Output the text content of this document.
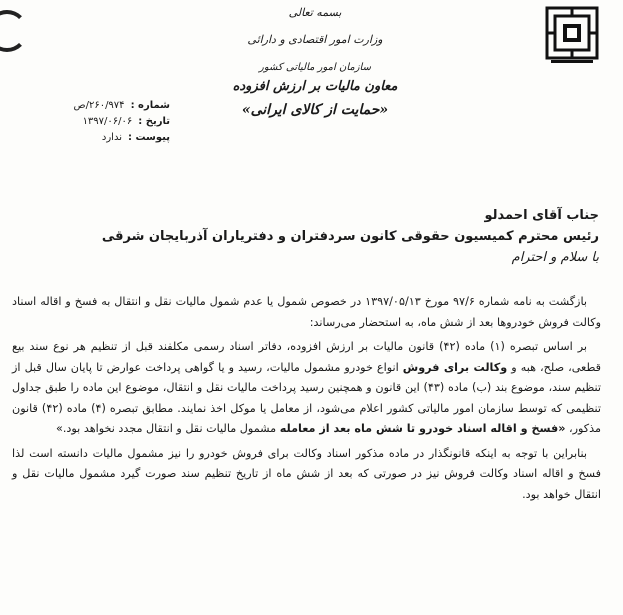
بسمه تعالی
وزارت امور اقتصادی و دارائی
سازمان امور مالیاتی کشور
معاون مالیات بر ارزش افزوده
«حمایت از کالای ایرانی»
شماره :
۲۶۰/۹۷۴/ص
تاریخ :
۱۳۹۷/۰۶/۰۶
پیوست :
ندارد
جناب آقای احمدلو
رئیس محترم کمیسیون حقوقی کانون سردفتران و دفتریاران آذربایجان شرقی
با سلام و احترام

بازگشت به نامه شماره ۹۷/۶ مورخ ۱۳۹۷/۰۵/۱۳ در خصوص شمول یا عدم شمول مالیات نقل و انتقال به فسخ و اقاله اسناد وکالت فروش خودروها بعد از شش ماه، به استحضار می‌رساند:

بر اساس تبصره (۱) ماده (۴۲) قانون مالیات بر ارزش افزوده، دفاتر اسناد رسمی مکلفند قبل از تنظیم هر نوع سند بیع قطعی، صلح، هبه و وکالت برای فروش انواع خودرو مشمول مالیات، رسید و یا گواهی پرداخت عوارض تا پایان سال قبل از تنظیم سند، موضوع بند (ب) ماده (۴۳) این قانون و همچنین رسید پرداخت مالیات نقل و انتقال، موضوع این ماده را طبق جداول تنظیمی که توسط سازمان امور مالیاتی کشور اعلام می‌شود، از معامل یا موکل اخذ نمایند. مطابق تبصره (۴) ماده (۴۲) قانون مذکور، «فسخ و اقاله اسناد خودرو تا شش ماه بعد از معامله مشمول مالیات نقل و انتقال مجدد نخواهد بود.»

بنابراین با توجه به اینکه قانونگذار در ماده مذکور اسناد وکالت برای فروش خودرو را نیز مشمول مالیات دانسته است لذا فسخ و اقاله اسناد وکالت فروش نیز در صورتی که بعد از شش ماه از تاریخ تنظیم سند صورت گیرد مشمول مالیات نقل و انتقال خواهد بود.
